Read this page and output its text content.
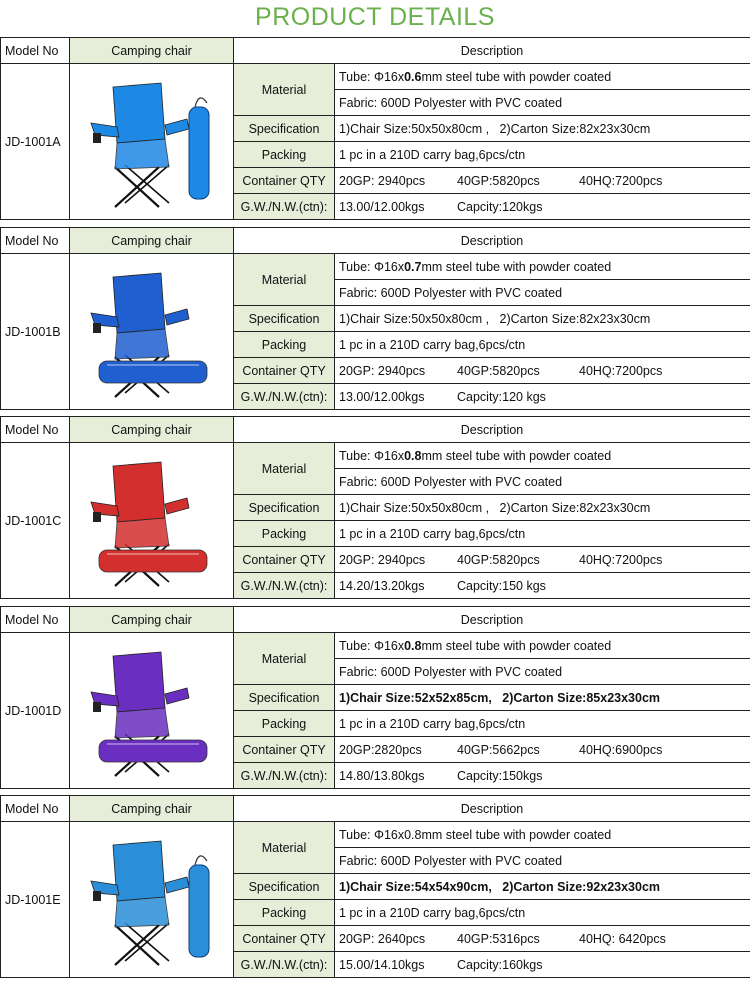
PRODUCT DETAILS
Model No	Camping chair	Description	
JD-1001A		Material	Tube: Φ16x0.6mm steel tube with powder coated
			Fabric: 600D Polyester with PVC coated
		Specification	1)Chair Size:50x50x80cm , 2)Carton Size:82x23x30cm
		Packing	1 pc in a 210D carry bag,6pcs/ctn
		Container QTY	20GP: 2940pcs 40GP:5820pcs 40HQ:7200pcs
		G.W./N.W.(ctn):	13.00/12.00kgs Capcity:120kgs
Model No	Camping chair	Description	
JD-1001B		Material	Tube: Φ16x0.7mm steel tube with powder coated
			Fabric: 600D Polyester with PVC coated
		Specification	1)Chair Size:50x50x80cm , 2)Carton Size:82x23x30cm
		Packing	1 pc in a 210D carry bag,6pcs/ctn
		Container QTY	20GP: 2940pcs 40GP:5820pcs 40HQ:7200pcs
		G.W./N.W.(ctn):	13.00/12.00kgs Capcity:120 kgs
Model No	Camping chair	Description	
JD-1001C		Material	Tube: Φ16x0.8mm steel tube with powder coated
			Fabric: 600D Polyester with PVC coated
		Specification	1)Chair Size:50x50x80cm , 2)Carton Size:82x23x30cm
		Packing	1 pc in a 210D carry bag,6pcs/ctn
		Container QTY	20GP: 2940pcs 40GP:5820pcs 40HQ:7200pcs
		G.W./N.W.(ctn):	14.20/13.20kgs Capcity:150 kgs
Model No	Camping chair	Description	
JD-1001D		Material	Tube: Φ16x0.8mm steel tube with powder coated
			Fabric: 600D Polyester with PVC coated
		Specification	1)Chair Size:52x52x85cm, 2)Carton Size:85x23x30cm
		Packing	1 pc in a 210D carry bag,6pcs/ctn
		Container QTY	20GP:2820pcs 40GP:5662pcs 40HQ:6900pcs
		G.W./N.W.(ctn):	14.80/13.80kgs Capcity:150kgs
Model No	Camping chair	Description	
JD-1001E		Material	Tube: Φ16x0.8mm steel tube with powder coated
			Fabric: 600D Polyester with PVC coated
		Specification	1)Chair Size:54x54x90cm, 2)Carton Size:92x23x30cm
		Packing	1 pc in a 210D carry bag,6pcs/ctn
		Container QTY	20GP: 2640pcs 40GP:5316pcs 40HQ: 6420pcs
		G.W./N.W.(ctn):	15.00/14.10kgs Capcity:160kgs
